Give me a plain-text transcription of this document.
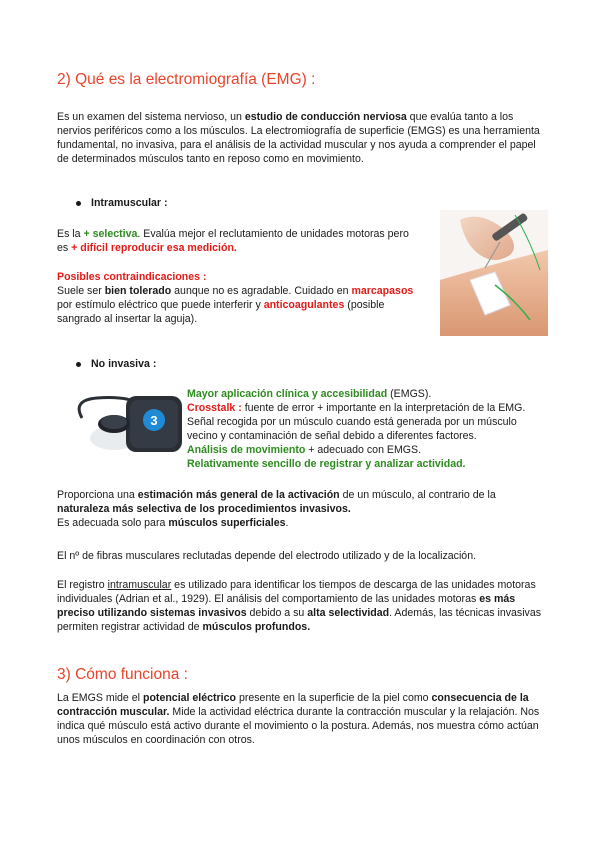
2) Qué es la electromiografía (EMG) :

Es un examen del sistema nervioso, un estudio de conducción nerviosa que evalúa tanto a los nervios periféricos como a los músculos. La electromiografía de superficie (EMGS) es una herramienta fundamental, no invasiva, para el análisis de la actividad muscular y nos ayuda a comprender el papel de determinados músculos tanto en reposo como en movimiento.

Intramuscular :

Es la + selectiva. Evalúa mejor el reclutamiento de unidades motoras pero

es + difícil reproducir esa medición.

Posibles contraindicaciones :

Suele ser bien tolerado aunque no es agradable. Cuidado en marcapasos

por estímulo eléctrico que puede interferir y anticoagulantes (posible

sangrado al insertar la aguja).

No invasiva :
3

Mayor aplicación clínica y accesibilidad (EMGS).

Crosstalk : fuente de error + importante en la interpretación de la EMG.

Señal recogida por un músculo cuando está generada por un músculo

vecino y contaminación de señal debido a diferentes factores.

Análisis de movimiento + adecuado con EMGS.

Relativamente sencillo de registrar y analizar actividad.

Proporciona una estimación más general de la activación de un músculo, al contrario de la naturaleza más selectiva de los procedimientos invasivos.
Es adecuada solo para músculos superficiales.

El nº de fibras musculares reclutadas depende del electrodo utilizado y de la localización.

El registro intramuscular es utilizado para identificar los tiempos de descarga de las unidades motoras individuales (Adrian et al., 1929). El análisis del comportamiento de las unidades motoras es más preciso utilizando sistemas invasivos debido a su alta selectividad. Además, las técnicas invasivas permiten registrar actividad de músculos profundos.

3) Cómo funciona :

La EMGS mide el potencial eléctrico presente en la superficie de la piel como consecuencia de la contracción muscular. Mide la actividad eléctrica durante la contracción muscular y la relajación. Nos indica qué músculo está activo durante el movimiento o la postura. Además, nos muestra cómo actúan unos músculos en coordinación con otros.
